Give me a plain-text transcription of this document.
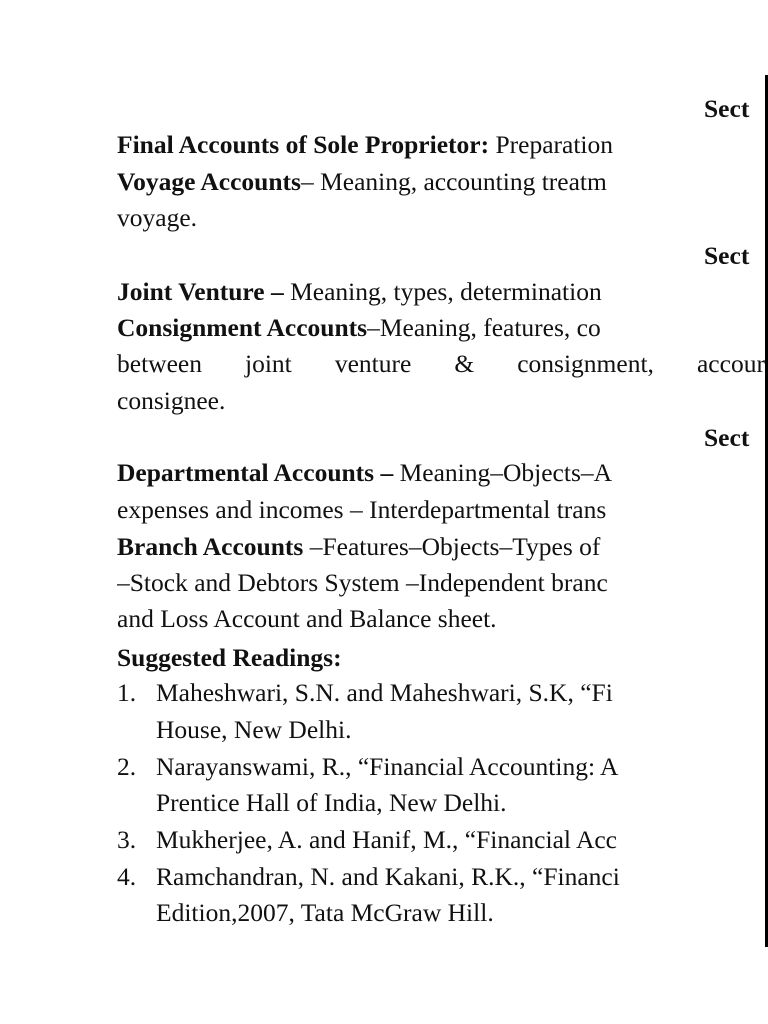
Sect
Final Accounts of Sole Proprietor: Preparation
Voyage Accounts– Meaning, accounting treatm
voyage.
Sect
Joint Venture – Meaning, types, determination
Consignment Accounts–Meaning, features, co
between joint venture & consignment, accour
consignee.
Sect
Departmental Accounts – Meaning–Objects–A
expenses and incomes – Interdepartmental trans
Branch Accounts –Features–Objects–Types of
–Stock and Debtors System –Independent branc
and Loss Account and Balance sheet.
Suggested Readings:
1. Maheshwari, S.N. and Maheshwari, S.K, “Fi
House, New Delhi.
2. Narayanswami, R., “Financial Accounting: A
Prentice Hall of India, New Delhi.
3. Mukherjee, A. and Hanif, M., “Financial Acc
4. Ramchandran, N. and Kakani, R.K., “Financi
Edition,2007, Tata McGraw Hill.
